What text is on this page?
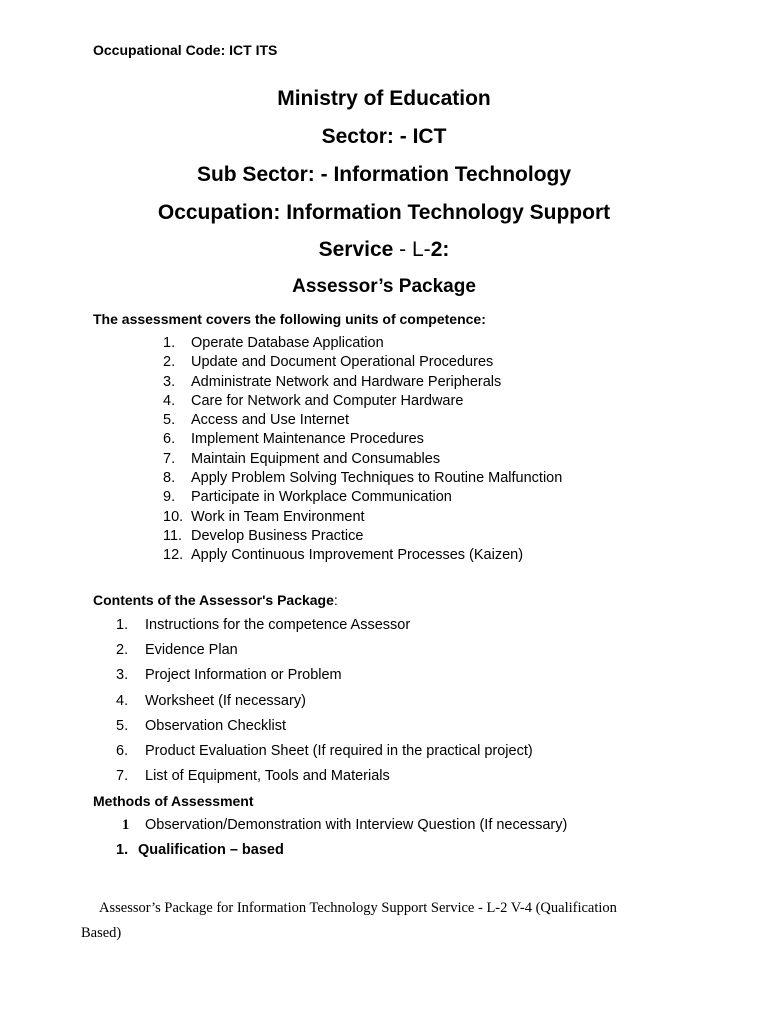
Occupational Code: ICT ITS
Ministry of Education
Sector: - ICT
Sub Sector: - Information Technology
Occupation: Information Technology Support
Service - L-2:
Assessor’s Package
The assessment covers the following units of competence:
1. Operate Database Application
2. Update and Document Operational Procedures
3. Administrate Network and Hardware Peripherals
4. Care for Network and Computer Hardware
5. Access and Use Internet
6. Implement Maintenance Procedures
7. Maintain Equipment and Consumables
8. Apply Problem Solving Techniques to Routine Malfunction
9. Participate in Workplace Communication
10. Work in Team Environment
11. Develop Business Practice
12. Apply Continuous Improvement Processes (Kaizen)
Contents of the Assessor's Package:
1. Instructions for the competence Assessor
2. Evidence Plan
3. Project Information or Problem
4. Worksheet (If necessary)
5. Observation Checklist
6. Product Evaluation Sheet (If required in the practical project)
7. List of Equipment, Tools and Materials
Methods of Assessment
1 Observation/Demonstration with Interview Question (If necessary)
1. Qualification – based
Assessor’s Package for Information Technology Support Service - L-2 V-4 (Qualification
Based)
